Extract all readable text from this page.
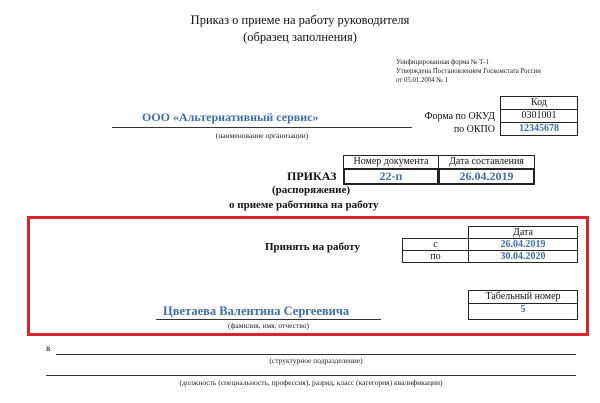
Приказ о приеме на работу руководителя
(образец заполнения)
Унифицированная форма № Т-1
Утверждена Постановлением Госкомстата России
от 05.01.2004 № 1
Код
Форма по ОКУД	0301001
по ОКПО	12345678
ООО «Альтернативный сервис»
(наименование организации)
Номер документа	Дата составления
22-п	26.04.2019
ПРИКАЗ
(распоряжение)
о приеме работника на работу
Принять на работу
Дата
с	26.04.2019
по	30.04.2020
Цветаева Валентина Сергеевича
(фамилия, имя, отчество)
Табельный номер
5
в
(структурное подразделение)
(должность (специальность, профессия), разряд, класс (категория) квалификации)
